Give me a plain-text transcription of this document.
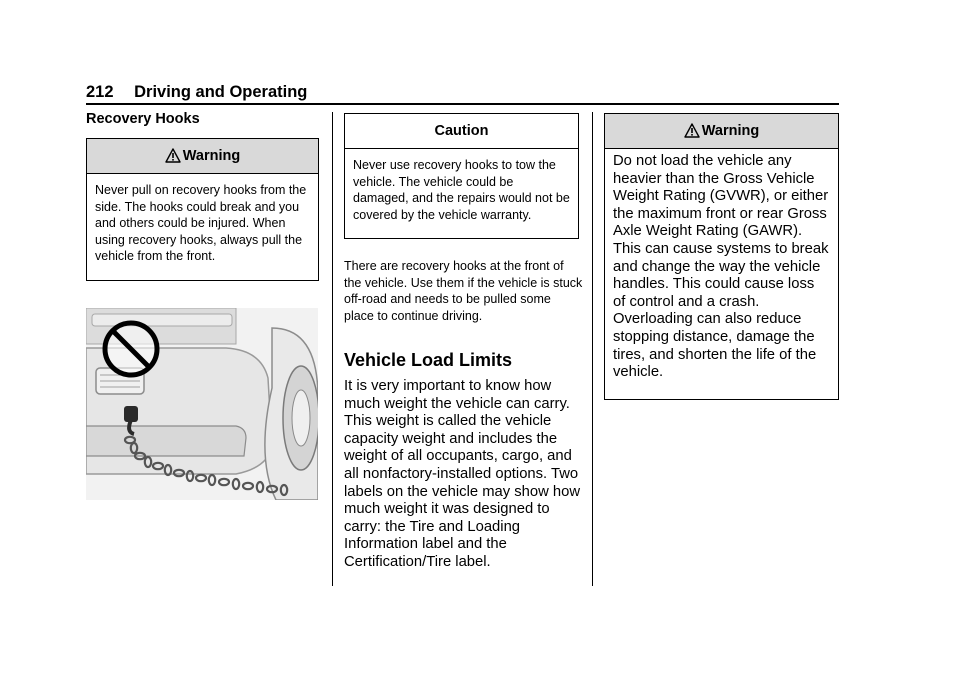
212 Driving and Operating
Recovery Hooks
Warning
Never pull on recovery hooks from the side. The hooks could break and you and others could be injured. When using recovery hooks, always pull the vehicle from the front.
Caution
Never use recovery hooks to tow the vehicle. The vehicle could be damaged, and the repairs would not be covered by the vehicle warranty.
There are recovery hooks at the front of the vehicle. Use them if the vehicle is stuck off-road and needs to be pulled some place to continue driving.
Vehicle Load Limits
It is very important to know how much weight the vehicle can carry. This weight is called the vehicle capacity weight and includes the weight of all occupants, cargo, and all nonfactory-installed options. Two labels on the vehicle may show how much weight it was designed to carry: the Tire and Loading Information label and the Certification/Tire label.
Warning
Do not load the vehicle any heavier than the Gross Vehicle Weight Rating (GVWR), or either the maximum front or rear Gross Axle Weight Rating (GAWR). This can cause systems to break and change the way the vehicle handles. This could cause loss of control and a crash. Overloading can also reduce stopping distance, damage the tires, and shorten the life of the vehicle.
